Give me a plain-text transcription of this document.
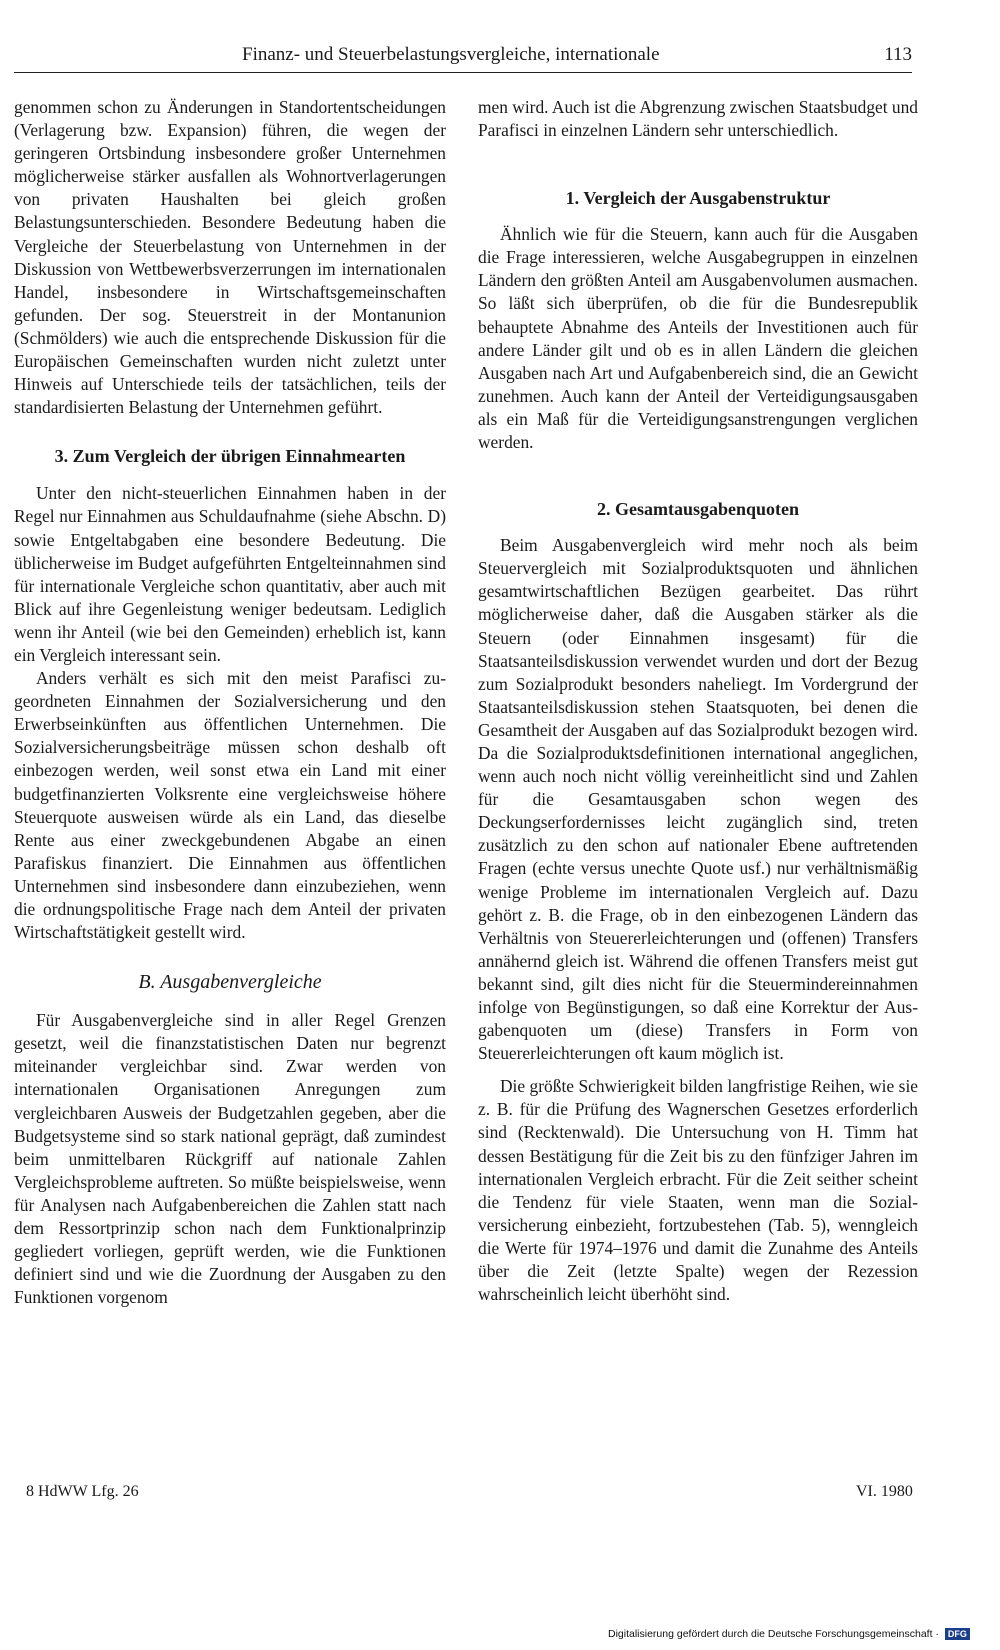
Finanz- und Steuerbelastungsvergleiche, internationale	113

genommen schon zu Änderungen in Standortentscheidungen (Verlagerung bzw. Expansion) führen, die wegen der geringeren Ortsbindung insbesondere großer Unternehmen möglicherweise stärker ausfallen als Wohnortverlagerungen von privaten Haushalten bei gleich großen Belastungsunterschieden. Besondere Bedeutung haben die Vergleiche der Steuerbelastung von Unternehmen in der Diskussion von Wettbewerbsverzerrungen im internationalen Handel, insbesondere in Wirtschaftsgemeinschaften gefunden. Der sog. Steuerstreit in der Montanunion (Schmölders) wie auch die entsprechende Diskussion für die Europäischen Gemeinschaften wurden nicht zuletzt unter Hinweis auf Unterschiede teils der tatsächlichen, teils der standardisierten Belastung der Unternehmen geführt.

3. Zum Vergleich der übrigen Einnahmearten

Unter den nicht-steuerlichen Einnahmen haben in der Regel nur Einnahmen aus Schuldaufnahme (siehe Abschn. D) sowie Entgeltabgaben eine besondere Bedeutung. Die üblicherweise im Budget aufgeführten Entgelteinnahmen sind für internationale Vergleiche schon quantitativ, aber auch mit Blick auf ihre Gegenleistung weniger bedeutsam. Lediglich wenn ihr Anteil (wie bei den Gemeinden) erheblich ist, kann ein Vergleich interessant sein.

Anders verhält es sich mit den meist Parafisci zugeordneten Einnahmen der Sozialversicherung und den Erwerbseinkünften aus öffentlichen Unternehmen. Die Sozialversicherungsbeiträge müssen schon deshalb oft einbezogen werden, weil sonst etwa ein Land mit einer budgetfinanzierten Volksrente eine vergleichsweise höhere Steuerquote ausweisen würde als ein Land, das dieselbe Rente aus einer zweckgebundenen Abgabe an einen Parafiskus finanziert. Die Einnahmen aus öffentlichen Unternehmen sind insbesondere dann einzubeziehen, wenn die ordnungspolitische Frage nach dem Anteil der privaten Wirtschaftstätigkeit gestellt wird.

B. Ausgabenvergleiche

Für Ausgabenvergleiche sind in aller Regel Grenzen gesetzt, weil die finanzstatistischen Daten nur begrenzt miteinander vergleichbar sind. Zwar werden von internationalen Organisationen Anregungen zum vergleichbaren Ausweis der Budgetzahlen gegeben, aber die Budgetsysteme sind so stark national geprägt, daß zumindest beim unmittelbaren Rückgriff auf nationale Zahlen Vergleichsprobleme auftreten. So müßte beispielsweise, wenn für Analysen nach Aufgabenbereichen die Zahlen statt nach dem Ressortprinzip schon nach dem Funktionalprinzip gegliedert vorliegen, geprüft werden, wie die Funktionen definiert sind und wie die Zuordnung der Ausgaben zu den Funktionen vorgenom

men wird. Auch ist die Abgrenzung zwischen Staatsbudget und Parafisci in einzelnen Ländern sehr unterschiedlich.

1. Vergleich der Ausgabenstruktur

Ähnlich wie für die Steuern, kann auch für die Ausgaben die Frage interessieren, welche Ausgabegruppen in einzelnen Ländern den größten Anteil am Ausgabenvolumen ausmachen. So läßt sich überprüfen, ob die für die Bundesrepublik behauptete Abnahme des Anteils der Investitionen auch für andere Länder gilt und ob es in allen Ländern die gleichen Ausgaben nach Art und Aufgabenbereich sind, die an Gewicht zunehmen. Auch kann der Anteil der Verteidigungsausgaben als ein Maß für die Verteidigungsanstrengungen verglichen werden.

2. Gesamtausgabenquoten

Beim Ausgabenvergleich wird mehr noch als beim Steuervergleich mit Sozialproduktsquoten und ähnlichen gesamtwirtschaftlichen Bezügen gearbeitet. Das rührt möglicherweise daher, daß die Ausgaben stärker als die Steuern (oder Einnahmen insgesamt) für die Staatsanteilsdiskussion verwendet wurden und dort der Bezug zum Sozialprodukt besonders naheliegt. Im Vordergrund der Staatsanteilsdiskussion stehen Staatsquoten, bei denen die Gesamtheit der Ausgaben auf das Sozialprodukt bezogen wird. Da die Sozialproduktsdefinitionen international angeglichen, wenn auch noch nicht völlig vereinheitlicht sind und Zahlen für die Gesamtausgaben schon wegen des Deckungserfordernisses leicht zugänglich sind, treten zusätzlich zu den schon auf nationaler Ebene auftretenden Fragen (echte versus unechte Quote usf.) nur verhältnismäßig wenige Probleme im internationalen Vergleich auf. Dazu gehört z. B. die Frage, ob in den einbezogenen Ländern das Verhältnis von Steuererleichterungen und (offenen) Transfers annähernd gleich ist. Während die offenen Transfers meist gut bekannt sind, gilt dies nicht für die Steuermindereinnahmen infolge von Begünstigungen, so daß eine Korrektur der Ausgabenquoten um (diese) Transfers in Form von Steuererleichterungen oft kaum möglich ist.

Die größte Schwierigkeit bilden langfristige Reihen, wie sie z. B. für die Prüfung des Wagnerschen Gesetzes erforderlich sind (Recktenwald). Die Untersuchung von H. Timm hat dessen Bestätigung für die Zeit bis zu den fünfziger Jahren im internationalen Vergleich erbracht. Für die Zeit seither scheint die Tendenz für viele Staaten, wenn man die Sozialversicherung einbezieht, fortzubestehen (Tab. 5), wenngleich die Werte für 1974–1976 und damit die Zunahme des Anteils über die Zeit (letzte Spalte) wegen der Rezession wahrscheinlich leicht überhöht sind.

8 HdWW Lfg. 26	VI. 1980
Digitalisierung gefördert durch die Deutsche Forschungsgemeinschaft · DFG
